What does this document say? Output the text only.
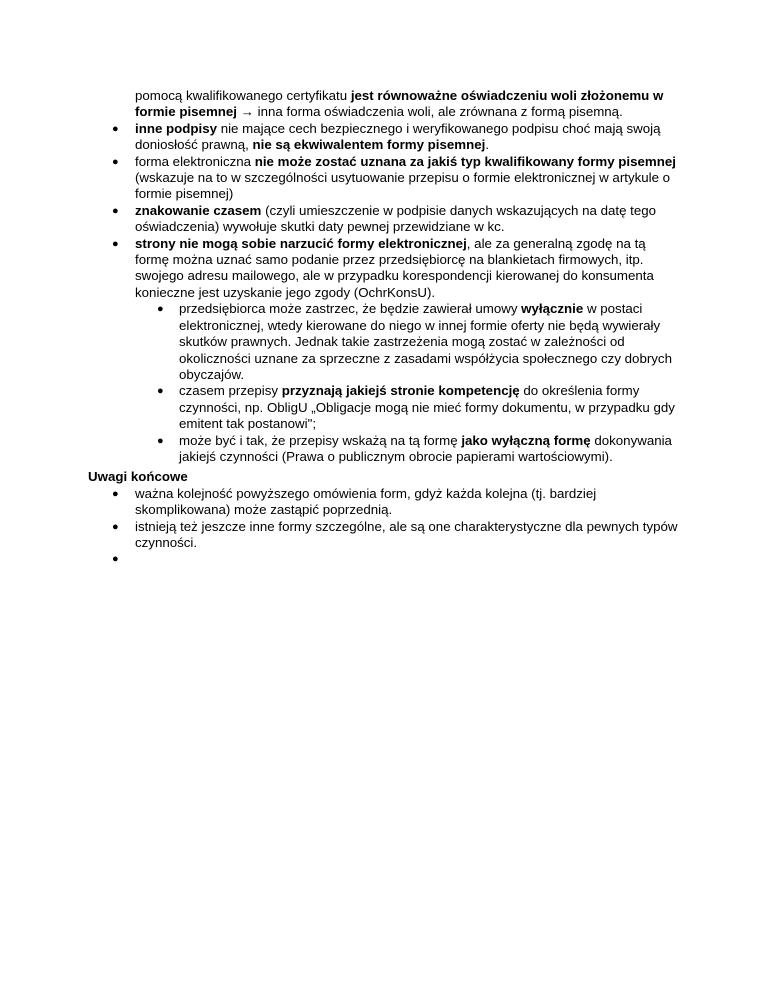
pomocą kwalifikowanego certyfikatu jest równoważne oświadczeniu woli złożonemu w formie pisemnej → inna forma oświadczenia woli, ale zrównana z formą pisemną.
● inne podpisy nie mające cech bezpiecznego i weryfikowanego podpisu choć mają swoją doniosłość prawną, nie są ekwiwalentem formy pisemnej.
● forma elektroniczna nie może zostać uznana za jakiś typ kwalifikowany formy pisemnej (wskazuje na to w szczególności usytuowanie przepisu o formie elektronicznej w artykule o formie pisemnej)
● znakowanie czasem (czyli umieszczenie w podpisie danych wskazujących na datę tego oświadczenia) wywołuje skutki daty pewnej przewidziane w kc.
● strony nie mogą sobie narzucić formy elektronicznej, ale za generalną zgodę na tą formę można uznać samo podanie przez przedsiębiorcę na blankietach firmowych, itp. swojego adresu mailowego, ale w przypadku korespondencji kierowanej do konsumenta konieczne jest uzyskanie jego zgody (OchrKonsU).
● przedsiębiorca może zastrzec, że będzie zawierał umowy wyłącznie w postaci elektronicznej, wtedy kierowane do niego w innej formie oferty nie będą wywierały skutków prawnych. Jednak takie zastrzeżenia mogą zostać w zależności od okoliczności uznane za sprzeczne z zasadami współżycia społecznego czy dobrych obyczajów.
● czasem przepisy przyznają jakiejś stronie kompetencję do określenia formy czynności, np. ObligU „Obligacje mogą nie mieć formy dokumentu, w przypadku gdy emitent tak postanowi";
● może być i tak, że przepisy wskażą na tą formę jako wyłączną formę dokonywania jakiejś czynności (Prawa o publicznym obrocie papierami wartościowymi).
Uwagi końcowe
● ważna kolejność powyższego omówienia form, gdyż każda kolejna (tj. bardziej skomplikowana) może zastąpić poprzednią.
● istnieją też jeszcze inne formy szczególne, ale są one charakterystyczne dla pewnych typów czynności.
●
